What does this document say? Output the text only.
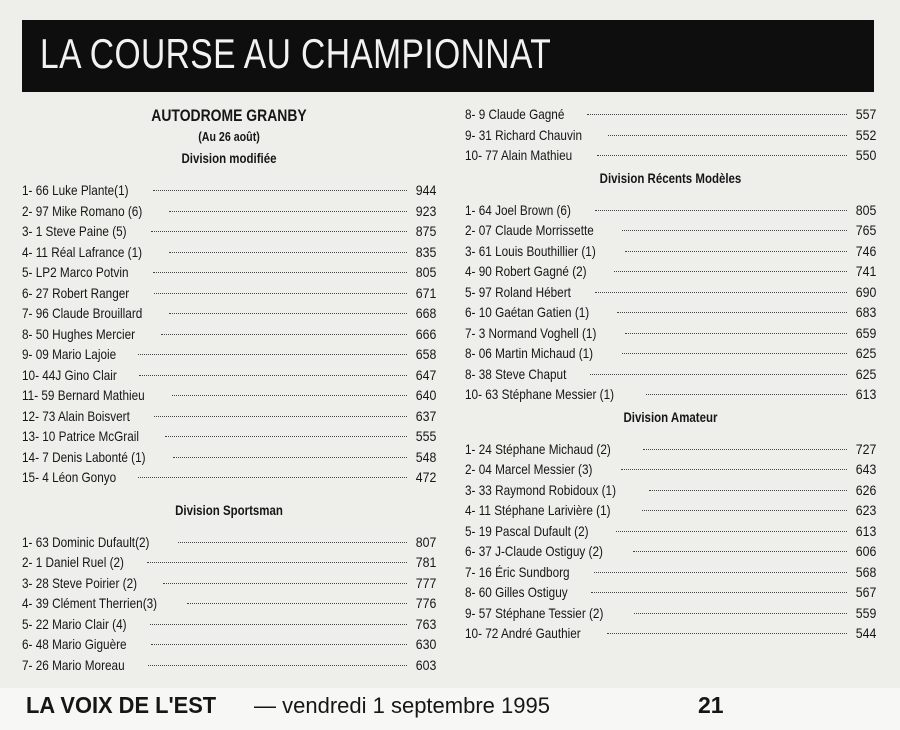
LA COURSE AU CHAMPIONNAT
AUTODROME GRANBY
(Au 26 août)
Division modifiée
1- 66 Luke Plante(1)	944
2- 97 Mike Romano (6)	923
3- 1 Steve Paine (5)	875
4- 11 Réal Lafrance (1)	835
5- LP2 Marco Potvin	805
6- 27 Robert Ranger	671
7- 96 Claude Brouillard	668
8- 50 Hughes Mercier	666
9- 09 Mario Lajoie	658
10- 44J Gino Clair	647
11- 59 Bernard Mathieu	640
12- 73 Alain Boisvert	637
13- 10 Patrice McGrail	555
14- 7 Denis Labonté (1)	548
15- 4 Léon Gonyo	472
Division Sportsman
1- 63 Dominic Dufault(2)	807
2- 1 Daniel Ruel (2)	781
3- 28 Steve Poirier (2)	777
4- 39 Clément Therrien(3)	776
5- 22 Mario Clair (4)	763
6- 48 Mario Giguère	630
7- 26 Mario Moreau	603
8- 9 Claude Gagné	557
9- 31 Richard Chauvin	552
10- 77 Alain Mathieu	550
Division Récents Modèles
1- 64 Joel Brown (6)	805
2- 07 Claude Morrissette	765
3- 61 Louis Bouthillier (1)	746
4- 90 Robert Gagné (2)	741
5- 97 Roland Hébert	690
6- 10 Gaétan Gatien (1)	683
7- 3 Normand Voghell (1)	659
8- 06 Martin Michaud (1)	625
8- 38 Steve Chaput	625
10- 63 Stéphane Messier (1)	613
Division Amateur
1- 24 Stéphane Michaud (2)	727
2- 04 Marcel Messier (3)	643
3- 33 Raymond Robidoux (1)	626
4- 11 Stéphane Larivière (1)	623
5- 19 Pascal Dufault (2)	613
6- 37 J-Claude Ostiguy (2)	606
7- 16 Éric Sundborg	568
8- 60 Gilles Ostiguy	567
9- 57 Stéphane Tessier (2)	559
10- 72 André Gauthier	544
LA VOIX DE L'EST — vendredi 1 septembre 1995	21
